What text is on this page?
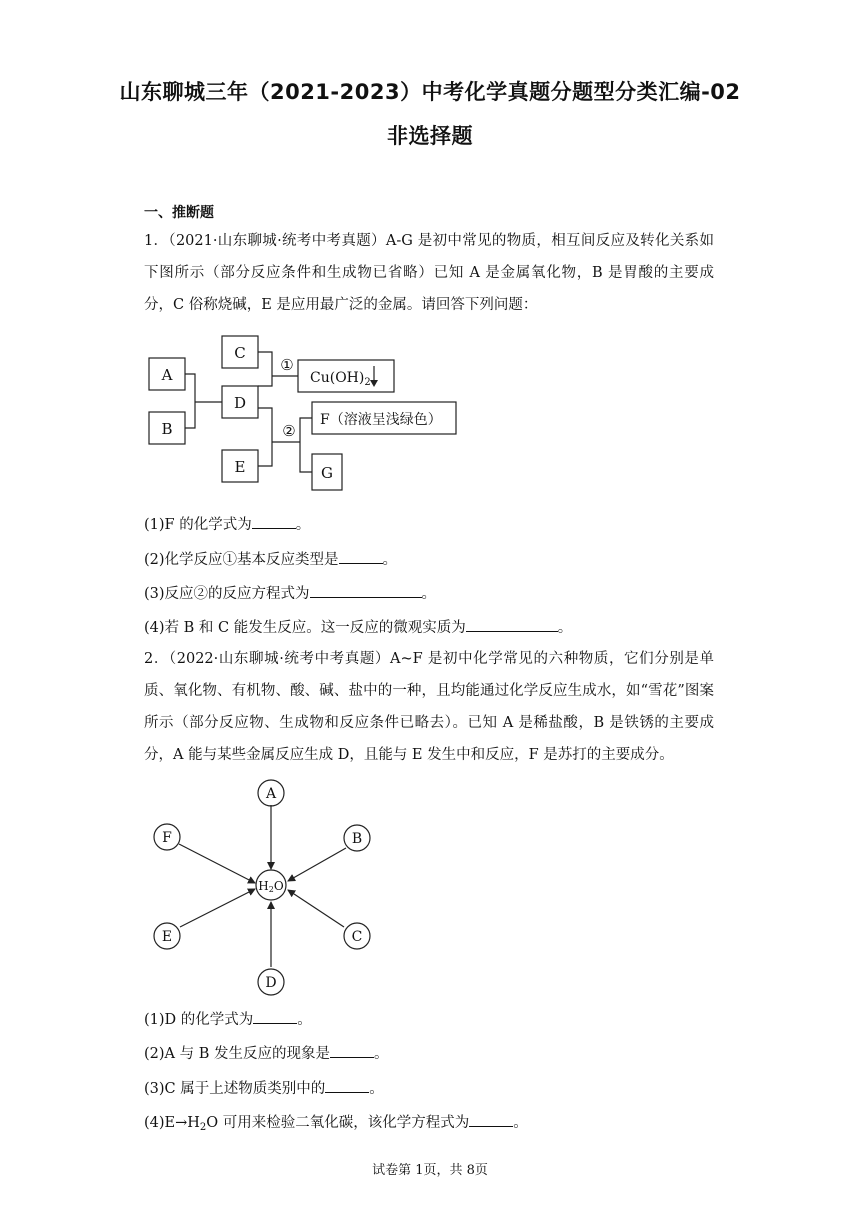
山东聊城三年（2021-2023）中考化学真题分题型分类汇编-02
非选择题
一、推断题
1．（2021·山东聊城·统考中考真题）A-G 是初中常见的物质，相互间反应及转化关系如下图所示（部分反应条件和生成物已省略）已知 A 是金属氧化物，B 是胃酸的主要成分，C 俗称烧碱，E 是应用最广泛的金属。请回答下列问题：
A
B
C
D
E	G
①
②
$Cu(OH)_2$
F（溶液呈浅绿色）
(1)F 的化学式为	。
(2)化学反应①基本反应类型是	。
(3)反应②的反应方程式为	。
(4)若 B 和 C 能发生反应。这一反应的微观实质为	。
2．（2022·山东聊城·统考中考真题）A~F 是初中化学常见的六种物质，它们分别是单质、氧化物、有机物、酸、碱、盐中的一种，且均能通过化学反应生成水，如“雪花”图案所示（部分反应物、生成物和反应条件已略去）。已知 A 是稀盐酸，B 是铁锈的主要成分，A 能与某些金属反应生成 D，且能与 E 发生中和反应，F 是苏打的主要成分。
A
B
C
D
E
F
H2O
(1)D 的化学式为	。
(2)A 与 B 发生反应的现象是	。
(3)C 属于上述物质类别中的	。
$(4)E\to H_2O$ 可用来检验二氧化碳，该化学方程式为	。
试卷第 1页，共 8页
